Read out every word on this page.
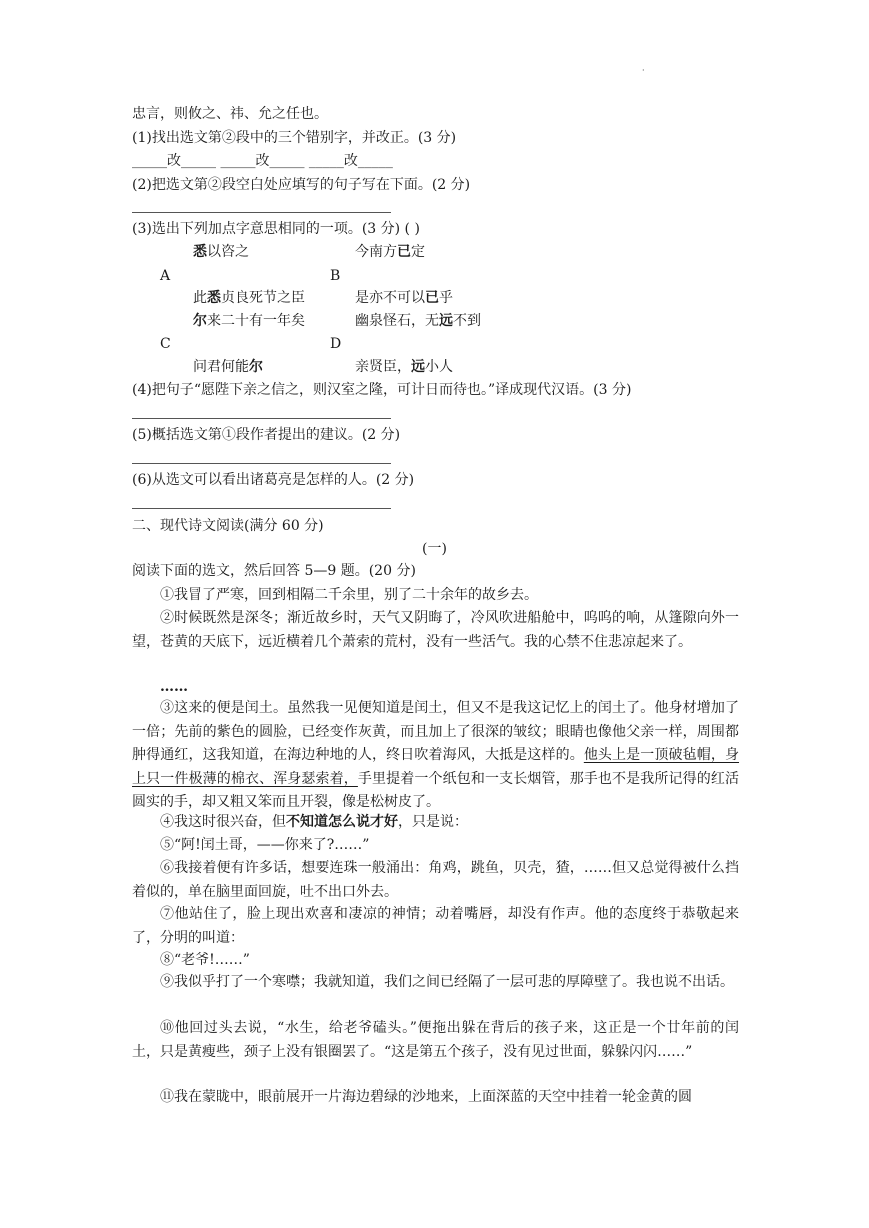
·
忠言，则攸之、祎、允之任也。
(1)找出选文第②段中的三个错别字，并改正。(3 分)
_____改_____ _____改_____ _____改_____
(2)把选文第②段空白处应填写的句子写在下面。(2 分)
(3)选出下列加点字意思相同的一项。(3 分) ( )
悉以咨之	今南方已定
A	B
此悉贞良死节之臣	是亦不可以已乎
尔来二十有一年矣	幽泉怪石，无远不到
C	D
问君何能尔	亲贤臣，远小人
(4)把句子“愿陛下亲之信之，则汉室之隆，可计日而待也。”译成现代汉语。(3 分)
(5)概括选文第①段作者提出的建议。(2 分)
(6)从选文可以看出诸葛亮是怎样的人。(2 分)
二、现代诗文阅读(满分 60 分)
(一)
阅读下面的选文，然后回答 5—9 题。(20 分)
①我冒了严寒，回到相隔二千余里，别了二十余年的故乡去。
②时候既然是深冬；渐近故乡时，天气又阴晦了，冷风吹进船舱中，呜呜的响，从篷隙向外一望，苍黄的天底下，远近横着几个萧索的荒村，没有一些活气。我的心禁不住悲凉起来了。
……
③这来的便是闰土。虽然我一见便知道是闰土，但又不是我这记忆上的闰土了。他身材增加了一倍；先前的紫色的圆脸，已经变作灰黄，而且加上了很深的皱纹；眼睛也像他父亲一样，周围都肿得通红，这我知道，在海边种地的人，终日吹着海风，大抵是这样的。他头上是一顶破毡帽，身上只一件极薄的棉衣、浑身瑟索着，手里提着一个纸包和一支长烟管，那手也不是我所记得的红活圆实的手，却又粗又笨而且开裂，像是松树皮了。
④我这时很兴奋，但不知道怎么说才好，只是说：
⑤“阿!闰土哥，——你来了?……”
⑥我接着便有许多话，想要连珠一般涌出：角鸡，跳鱼，贝壳，猹，……但又总觉得被什么挡着似的，单在脑里面回旋，吐不出口外去。
⑦他站住了，脸上现出欢喜和凄凉的神情；动着嘴唇，却没有作声。他的态度终于恭敬起来了，分明的叫道：
⑧“老爷!……”
⑨我似乎打了一个寒噤；我就知道，我们之间已经隔了一层可悲的厚障壁了。我也说不出话。
⑩他回过头去说，“水生，给老爷磕头。”便拖出躲在背后的孩子来，这正是一个廿年前的闰土，只是黄瘦些，颈子上没有银圈罢了。“这是第五个孩子，没有见过世面，躲躲闪闪……”
⑪我在蒙眬中，眼前展开一片海边碧绿的沙地来，上面深蓝的天空中挂着一轮金黄的圆
